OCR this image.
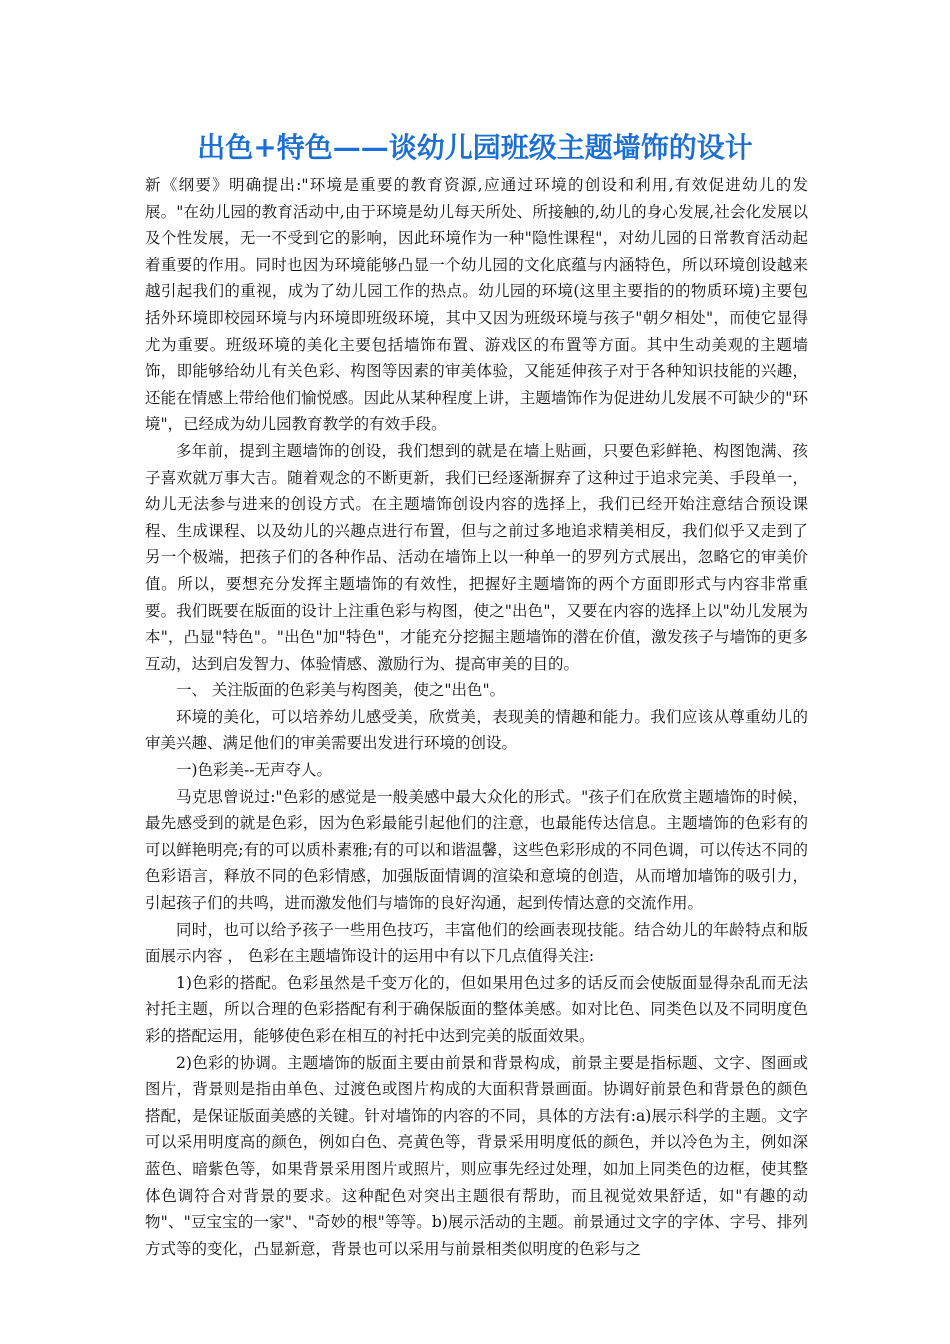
出色+特色——谈幼儿园班级主题墙饰的设计

新《纲要》明确提出:"环境是重要的教育资源,应通过环境的创设和利用,有效促进幼儿的发展。"在幼儿园的教育活动中,由于环境是幼儿每天所处、所接触的,幼儿的身心发展,社会化发展以及个性发展，无一不受到它的影响，因此环境作为一种"隐性课程"，对幼儿园的日常教育活动起着重要的作用。同时也因为环境能够凸显一个幼儿园的文化底蕴与内涵特色，所以环境创设越来越引起我们的重视，成为了幼儿园工作的热点。幼儿园的环境(这里主要指的的物质环境)主要包括外环境即校园环境与内环境即班级环境，其中又因为班级环境与孩子"朝夕相处"，而使它显得尤为重要。班级环境的美化主要包括墙饰布置、游戏区的布置等方面。其中生动美观的主题墙饰，即能够给幼儿有关色彩、构图等因素的审美体验，又能延伸孩子对于各种知识技能的兴趣，还能在情感上带给他们愉悦感。因此从某种程度上讲，主题墙饰作为促进幼儿发展不可缺少的"环境"，已经成为幼儿园教育教学的有效手段。

多年前，提到主题墙饰的创设，我们想到的就是在墙上贴画，只要色彩鲜艳、构图饱满、孩子喜欢就万事大吉。随着观念的不断更新，我们已经逐渐摒弃了这种过于追求完美、手段单一，幼儿无法参与进来的创设方式。在主题墙饰创设内容的选择上，我们已经开始注意结合预设课程、生成课程、以及幼儿的兴趣点进行布置，但与之前过多地追求精美相反，我们似乎又走到了另一个极端，把孩子们的各种作品、活动在墙饰上以一种单一的罗列方式展出，忽略它的审美价值。所以，要想充分发挥主题墙饰的有效性，把握好主题墙饰的两个方面即形式与内容非常重要。我们既要在版面的设计上注重色彩与构图，使之"出色"，又要在内容的选择上以"幼儿发展为本"，凸显"特色"。"出色"加"特色"，才能充分挖掘主题墙饰的潜在价值，激发孩子与墙饰的更多互动，达到启发智力、体验情感、激励行为、提高审美的目的。

一、 关注版面的色彩美与构图美，使之"出色"。

环境的美化，可以培养幼儿感受美，欣赏美，表现美的情趣和能力。我们应该从尊重幼儿的审美兴趣、满足他们的审美需要出发进行环境的创设。

一)色彩美--无声夺人。

马克思曾说过:"色彩的感觉是一般美感中最大众化的形式。"孩子们在欣赏主题墙饰的时候，最先感受到的就是色彩，因为色彩最能引起他们的注意，也最能传达信息。主题墙饰的色彩有的可以鲜艳明亮;有的可以质朴素雅;有的可以和谐温馨，这些色彩形成的不同色调，可以传达不同的色彩语言，释放不同的色彩情感，加强版面情调的渲染和意境的创造，从而增加墙饰的吸引力，引起孩子们的共鸣，进而激发他们与墙饰的良好沟通，起到传情达意的交流作用。

同时，也可以给予孩子一些用色技巧，丰富他们的绘画表现技能。结合幼儿的年龄特点和版面展示内容 ， 色彩在主题墙饰设计的运用中有以下几点值得关注:

1)色彩的搭配。色彩虽然是千变万化的，但如果用色过多的话反而会使版面显得杂乱而无法衬托主题，所以合理的色彩搭配有利于确保版面的整体美感。如对比色、同类色以及不同明度色彩的搭配运用，能够使色彩在相互的衬托中达到完美的版面效果。

2)色彩的协调。主题墙饰的版面主要由前景和背景构成，前景主要是指标题、文字、图画或图片，背景则是指由单色、过渡色或图片构成的大面积背景画面。协调好前景色和背景色的颜色搭配，是保证版面美感的关键。针对墙饰的内容的不同，具体的方法有:a)展示科学的主题。文字可以采用明度高的颜色，例如白色、亮黄色等，背景采用明度低的颜色，并以冷色为主，例如深蓝色、暗紫色等，如果背景采用图片或照片，则应事先经过处理，如加上同类色的边框，使其整体色调符合对背景的要求。这种配色对突出主题很有帮助，而且视觉效果舒适，如"有趣的动物"、"豆宝宝的一家"、"奇妙的根"等等。b)展示活动的主题。前景通过文字的字体、字号、排列方式等的变化，凸显新意，背景也可以采用与前景相类似明度的色彩与之
